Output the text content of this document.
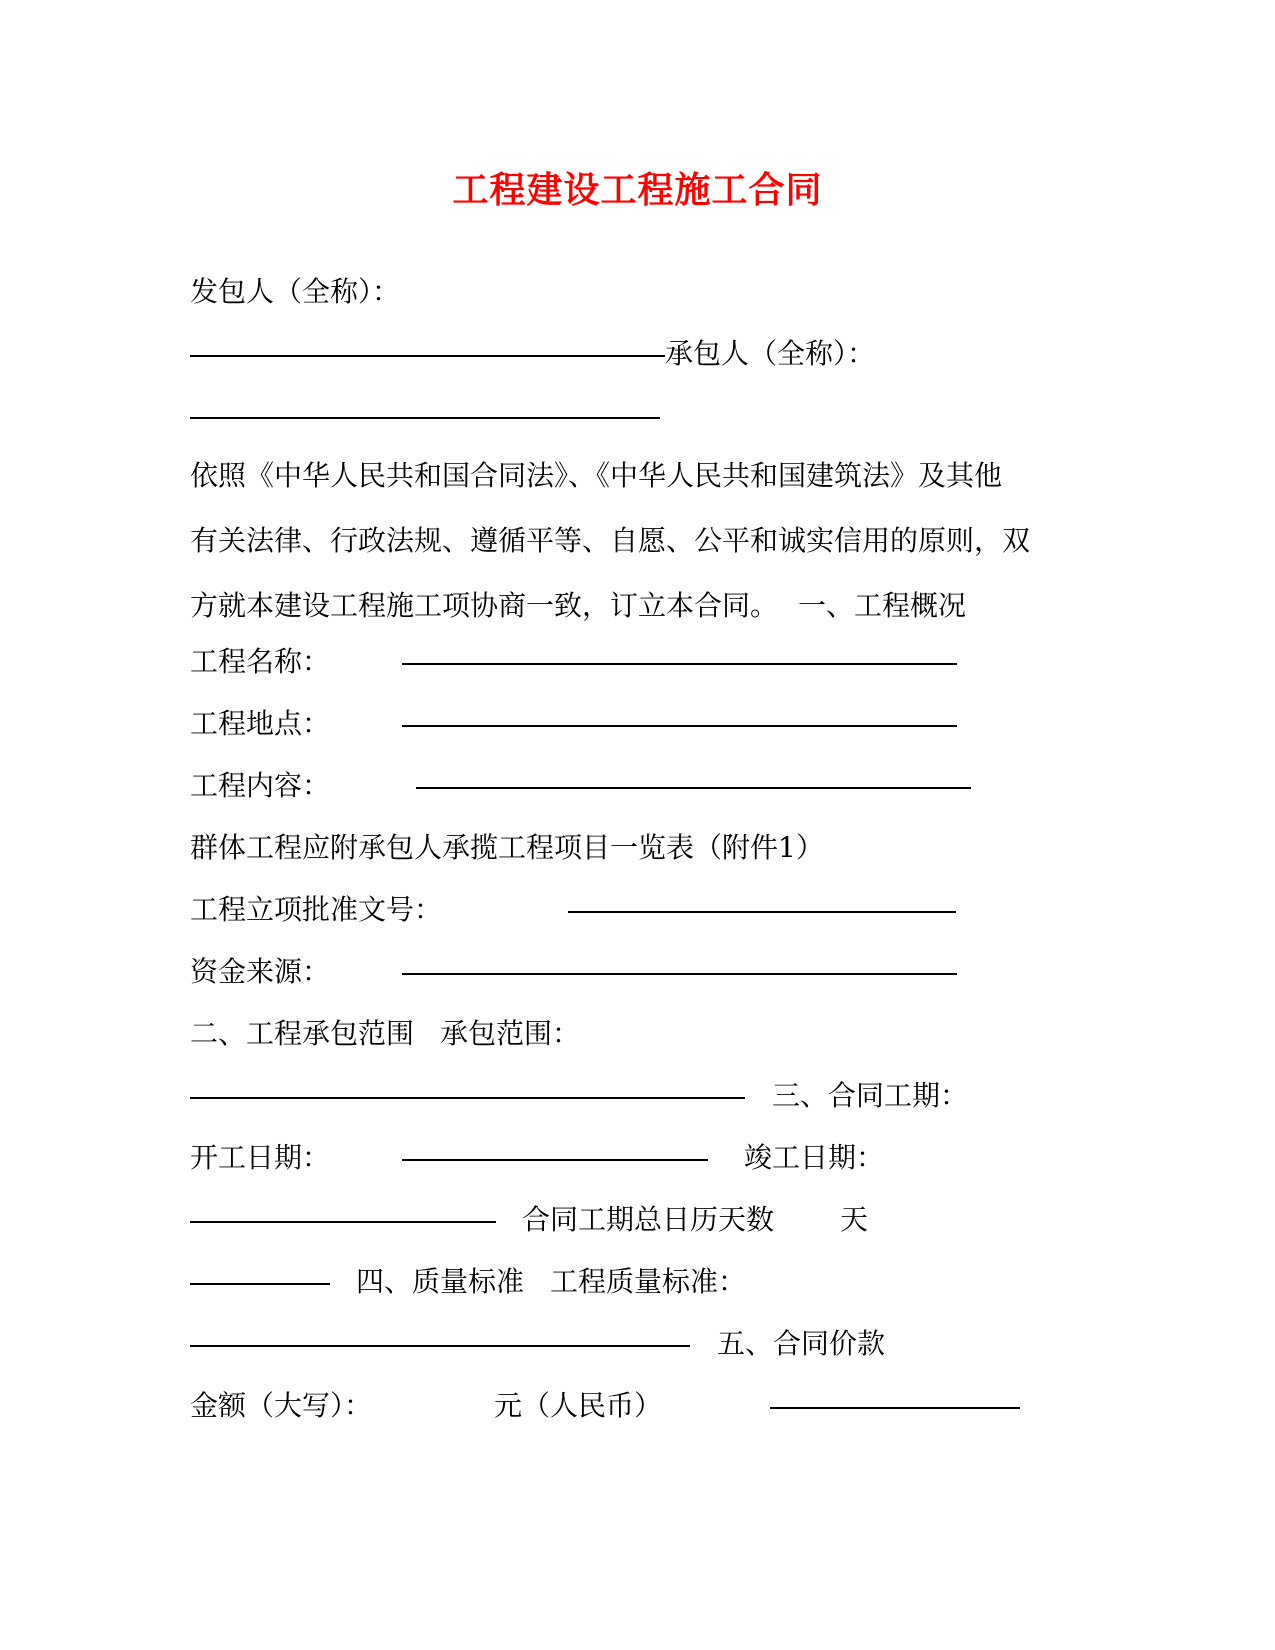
工程建设工程施工合同
发包人（全称）：
承包人（全称）：
依照《中华人民共和国合同法》、《中华人民共和国建筑法》及其他
有关法律、行政法规、遵循平等、自愿、公平和诚实信用的原则，双
方就本建设工程施工项协商一致，订立本合同。 一、工程概况
工程名称：
工程地点：
工程内容：
群体工程应附承包人承揽工程项目一览表（附件1）
工程立项批准文号：
资金来源：
二、工程承包范围 承包范围：
三、合同工期：
开工日期：	竣工日期：
合同工期总日历天数 天
四、质量标准 工程质量标准：
五、合同价款
金额（大写）：	元（人民币）
